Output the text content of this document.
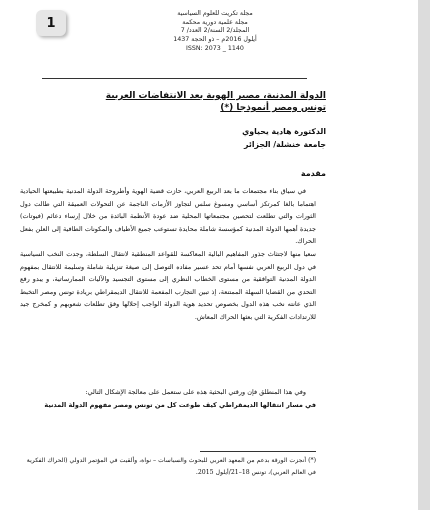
1
مجلة تكريت للعلوم السياسية
مجلة علمية دورية محكمة
المجلد/2 السنة/2 العدد/ 7
أيلول 2016م – ذو الحجة 1437
ISSN: 2073 _ 1140
الدولة المدنية، مصير الهوية بعد الانتفاضات العربية
تونس ومصر أنموذجا (*)
الدكتورة هادية يحياوي
جامعة خنشلة/ الجزائر
مقدمة
في سياق بناء مجتمعات ما بعد الربيع العربي، حازت قضية الهوية وأطروحة الدولة المدنية بطبيعتها الحيادية اهتماما بالغا كمرتكز أساسي ومسوغ سلس لتجاوز الأزمات الناجمة عن التحولات العميقة التي طالت دول الثورات والتي تطلعت لتحصين مجتمعاتها المحلية ضد عودة الأنظمة البائدة من خلال إرساء دعائم (فيوتات) جديدة أهمها الدولة المدنية كمؤسسة شاملة محايدة تستوعب جميع الأطياف والمكونات الطافية إلى العلن بفعل الحراك.
سعيا منها لاجتثاث جذور المفاهيم البالية المعاكسة للقواعد المنطقية لانتقال السلطة، وجدت النخب السياسية في دول الربيع العربي نفسها أمام تحد عسير مفاده التوصل إلى صيغة تنزيلية شاملة وسليمة للانتقال بمفهوم الدولة المدنية التوافقية من مستوى الخطاب النظري إلى مستوى التجسيد والآليات الممارساتية، و يبدو رفع التحدي من القضايا السهلة الممتنعة، إذ تبين التجارب المفعمة للانتقال الديمقراطي بريادة تونس ومصر التخبط الذي عانته نخب هذه الدول بخصوص تحديد هوية الدولة الواجب إحلالها وفق تطلعات شعوبهم و كمخرج جيد للارتدادات الفكرية التي بعثها الحراك المعاش.
وفي هذا المنطلق فإن ورقتي البحثية هذه على ستعمل على معالجة الإشكال التالي:
في مسار انتقالها الديمقراطي كيف طوعت كل من تونس ومصر مفهوم الدولة المدنية
(*) أنجزت الورقة بدعم من المعهد العربي للبحوث والسياسات – نواة، وألقيت في المؤتمر الدولي (الحراك الفكرية في العالم العربي)، تونس 18–21/أيلول 2015.
